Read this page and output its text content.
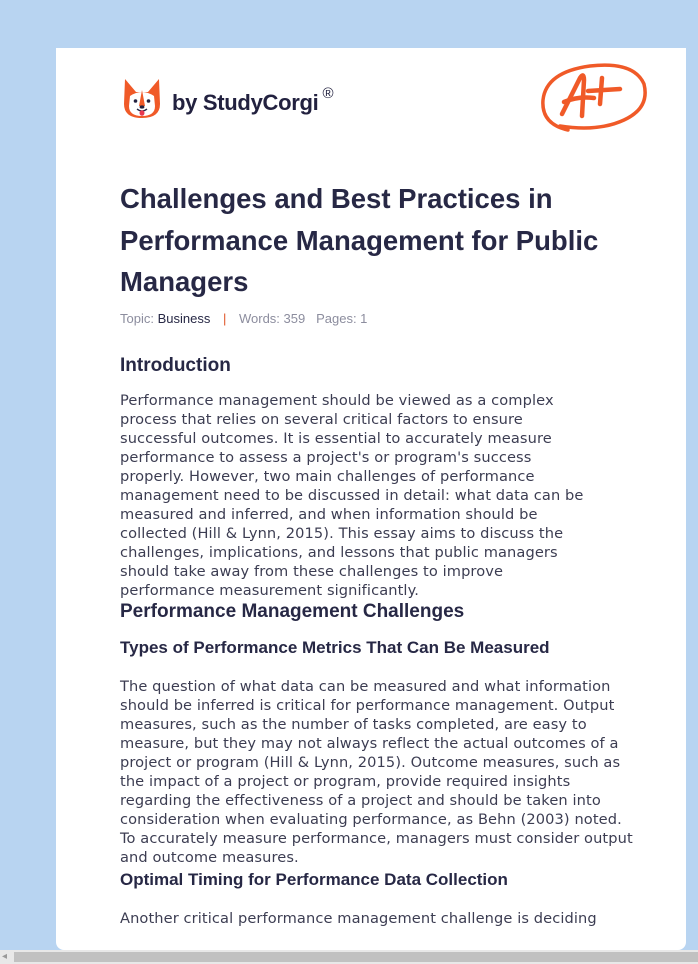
by StudyCorgi ®
Challenges and Best Practices in Performance Management for Public Managers
Topic: Business | Words: 359 Pages: 1
Introduction

Performance management should be viewed as a complex process that relies on several critical factors to ensure successful outcomes. It is essential to accurately measure performance to assess a project's or program's success properly. However, two main challenges of performance management need to be discussed in detail: what data can be measured and inferred, and when information should be collected (Hill & Lynn, 2015). This essay aims to discuss the challenges, implications, and lessons that public managers should take away from these challenges to improve performance measurement significantly.

Performance Management Challenges
Types of Performance Metrics That Can Be Measured

The question of what data can be measured and what information should be inferred is critical for performance management. Output measures, such as the number of tasks completed, are easy to measure, but they may not always reflect the actual outcomes of a project or program (Hill & Lynn, 2015). Outcome measures, such as the impact of a project or program, provide required insights regarding the effectiveness of a project and should be taken into consideration when evaluating performance, as Behn (2003) noted. To accurately measure performance, managers must consider output and outcome measures.

Optimal Timing for Performance Data Collection

Another critical performance management challenge is deciding

◂
